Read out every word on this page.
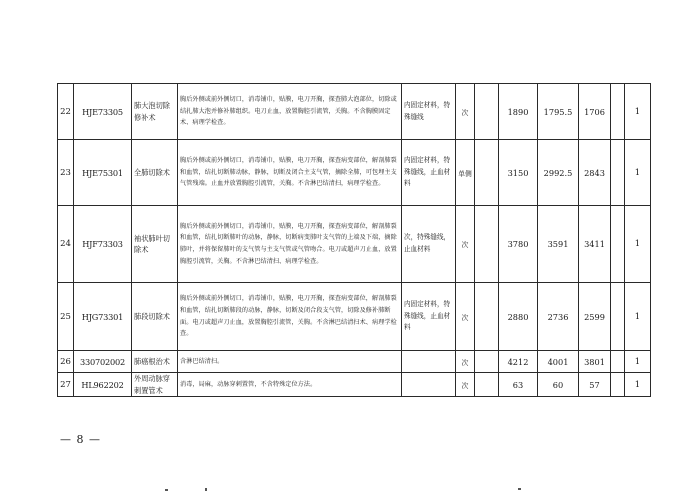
22	HJE73305	肺大泡切除修补术	胸后外侧或前外侧切口，消毒铺巾，贴膜，电刀开胸，探查肺大泡部位，切除或结扎肺大泡并修补肺组织。电刀止血，放置胸腔引流管，关胸。不含胸膜固定术、病理学检查。	内固定材料，特殊缝线	次		1890	1795.5	1706		1
23	HJE75301	全肺切除术	胸后外侧或前外侧切口，消毒铺巾，贴膜，电刀开胸，探查病变部位，解剖肺裂和血管，结扎切断肺动脉，静脉，切断及闭合主支气管，摘除全肺，可包埋主支气管残端。止血并放置胸腔引流管，关胸。不含淋巴结清扫，病理学检查。	内固定材料，特殊缝线，止血材料	单侧		3150	2992.5	2843		1
24	HJF73303	袖状肺叶切除术	胸后外侧或前外侧切口，消毒铺巾，贴膜，电刀开胸，探查病变部位，解剖肺裂和血管，结扎切断肺叶的动脉，静脉，切断病变肺叶支气管的上端及下端，摘除肺叶，并将保留肺叶的支气管与主支气管或气管吻合。电刀或超声刀止血，放置胸腔引流管，关胸。不含淋巴结清扫、病理学检查。	次，特殊缝线，止血材料	次		3780	3591	3411		1
25	HJG73301	肺段切除术	胸后外侧或前外侧切口，消毒铺巾，贴膜，电刀开胸，探查病变部位，解剖肺裂和血管，结扎切断肺段的动脉，静脉，切断及闭合段支气管，切除及修补肺断面。电刀或超声刀止血，放置胸腔引流管，关胸。不含淋巴结清扫术、病理学检查。	内固定材料，特殊缝线，止血材料	次		2880	2736	2599		1
26	330702002	肺癌根治术	含淋巴结清扫。		次		4212	4001	3801		1
27	HL962202	外周动脉穿刺置管术	消毒，局麻，动脉穿刺置管，不含特殊定位方法。		次		63	60	57		1
— 8 —
